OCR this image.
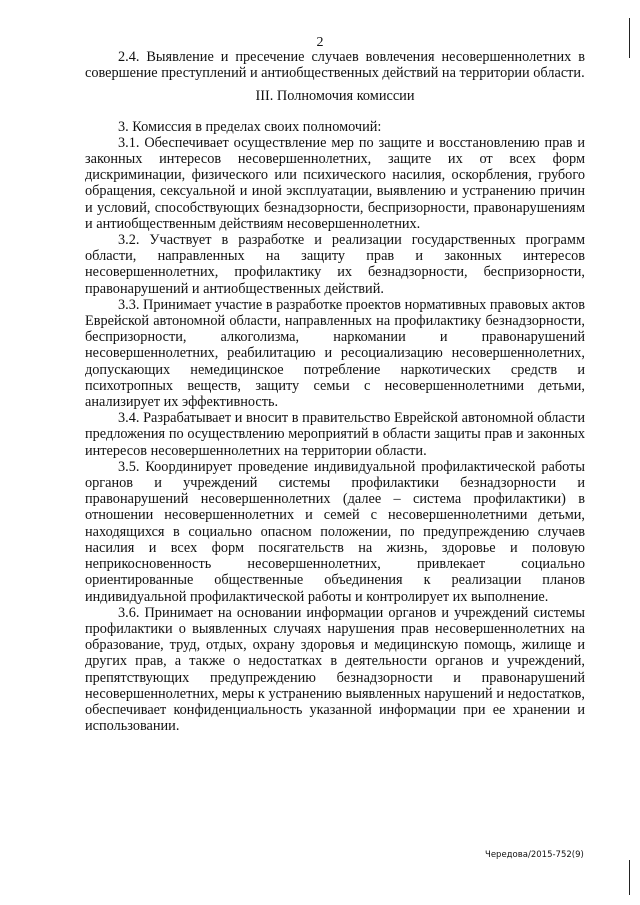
2

2.4. Выявление и пресечение случаев вовлечения несовершеннолетних в совершение преступлений и антиобщественных действий на территории области.

III. Полномочия комиссии

3. Комиссия в пределах своих полномочий:

3.1. Обеспечивает осуществление мер по защите и восстановлению прав и законных интересов несовершеннолетних, защите их от всех форм дискриминации, физического или психического насилия, оскорбления, грубого обращения, сексуальной и иной эксплуатации, выявлению и устранению причин и условий, способствующих безнадзорности, беспризорности, правонарушениям и антиобщественным действиям несовершеннолетних.

3.2. Участвует в разработке и реализации государственных программ области, направленных на защиту прав и законных интересов несовершеннолетних, профилактику их безнадзорности, беспризорности, правонарушений и антиобщественных действий.

3.3. Принимает участие в разработке проектов нормативных правовых актов Еврейской автономной области, направленных на профилактику безнадзорности, беспризорности, алкоголизма, наркомании и правонарушений несовершеннолетних, реабилитацию и ресоциализацию несовершеннолетних, допускающих немедицинское потребление наркотических средств и психотропных веществ, защиту семьи с несовершеннолетними детьми, анализирует их эффективность.

3.4. Разрабатывает и вносит в правительство Еврейской автономной области предложения по осуществлению мероприятий в области защиты прав и законных интересов несовершеннолетних на территории области.

3.5. Координирует проведение индивидуальной профилактической работы органов и учреждений системы профилактики безнадзорности и правонарушений несовершеннолетних (далее – система профилактики) в отношении несовершеннолетних и семей с несовершеннолетними детьми, находящихся в социально опасном положении, по предупреждению случаев насилия и всех форм посягательств на жизнь, здоровье и половую неприкосновенность несовершеннолетних, привлекает социально ориентированные общественные объединения к реализации планов индивидуальной профилактической работы и контролирует их выполнение.

3.6. Принимает на основании информации органов и учреждений системы профилактики о выявленных случаях нарушения прав несовершеннолетних на образование, труд, отдых, охрану здоровья и медицинскую помощь, жилище и других прав, а также о недостатках в деятельности органов и учреждений, препятствующих предупреждению безнадзорности и правонарушений несовершеннолетних, меры к устранению выявленных нарушений и недостатков, обеспечивает конфиденциальность указанной информации при ее хранении и использовании.

Чередова/2015-752(9)
